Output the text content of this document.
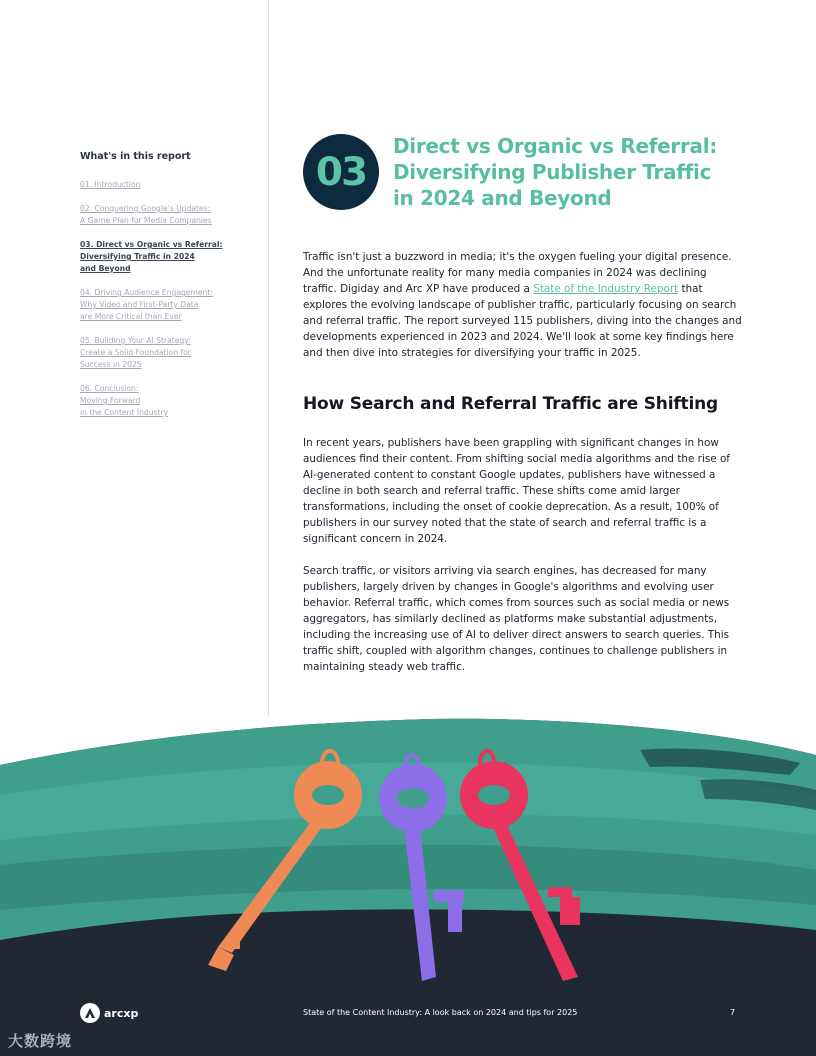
What's in this report
01. Introduction
02. Conquering Google's Updates:
A Game Plan for Media Companies
03. Direct vs Organic vs Referral:
Diversifying Traffic in 2024
and Beyond
04. Driving Audience Engagement:
Why Video and First-Party Data
are More Critical than Ever
05. Building Your AI Strategy:
Create a Solid Foundation for
Success in 2025
06. Conclusion:
Moving Forward
in the Content Industry
03
Direct vs Organic vs Referral:
Diversifying Publisher Traffic
in 2024 and Beyond

Traffic isn't just a buzzword in media; it's the oxygen fueling your digital presence. And the unfortunate reality for many media companies in 2024 was declining traffic. Digiday and Arc XP have produced a State of the Industry Report that explores the evolving landscape of publisher traffic, particularly focusing on search and referral traffic. The report surveyed 115 publishers, diving into the changes and developments experienced in 2023 and 2024. We'll look at some key findings here and then dive into strategies for diversifying your traffic in 2025.

How Search and Referral Traffic are Shifting

In recent years, publishers have been grappling with significant changes in how audiences find their content. From shifting social media algorithms and the rise of AI-generated content to constant Google updates, publishers have witnessed a decline in both search and referral traffic. These shifts come amid larger transformations, including the onset of cookie deprecation. As a result, 100% of publishers in our survey noted that the state of search and referral traffic is a significant concern in 2024.

Search traffic, or visitors arriving via search engines, has decreased for many publishers, largely driven by changes in Google's algorithms and evolving user behavior. Referral traffic, which comes from sources such as social media or news aggregators, has similarly declined as platforms make substantial adjustments, including the increasing use of AI to deliver direct answers to search queries. This traffic shift, coupled with algorithm changes, continues to challenge publishers in maintaining steady web traffic.

arcxp	State of the Content Industry: A look back on 2024 and tips for 2025	7
大数跨境
